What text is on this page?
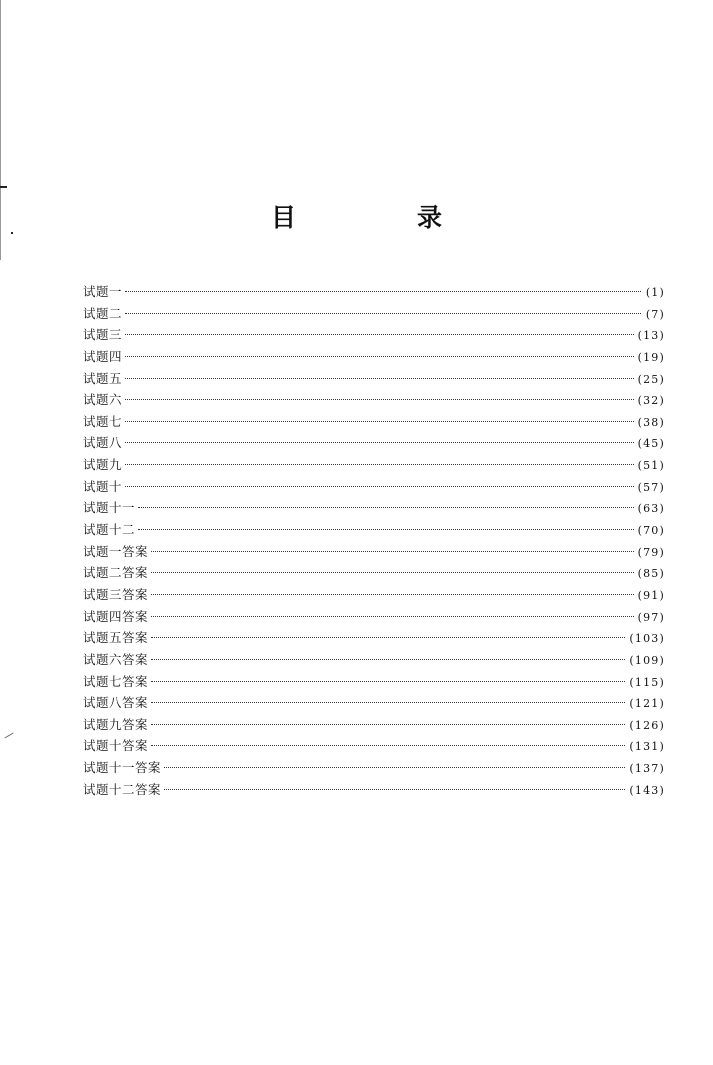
目　录
试题一	(1)
试题二	(7)
试题三	(13)
试题四	(19)
试题五	(25)
试题六	(32)
试题七	(38)
试题八	(45)
试题九	(51)
试题十	(57)
试题十一	(63)
试题十二	(70)
试题一答案	(79)
试题二答案	(85)
试题三答案	(91)
试题四答案	(97)
试题五答案	(103)
试题六答案	(109)
试题七答案	(115)
试题八答案	(121)
试题九答案	(126)
试题十答案	(131)
试题十一答案	(137)
试题十二答案	(143)
